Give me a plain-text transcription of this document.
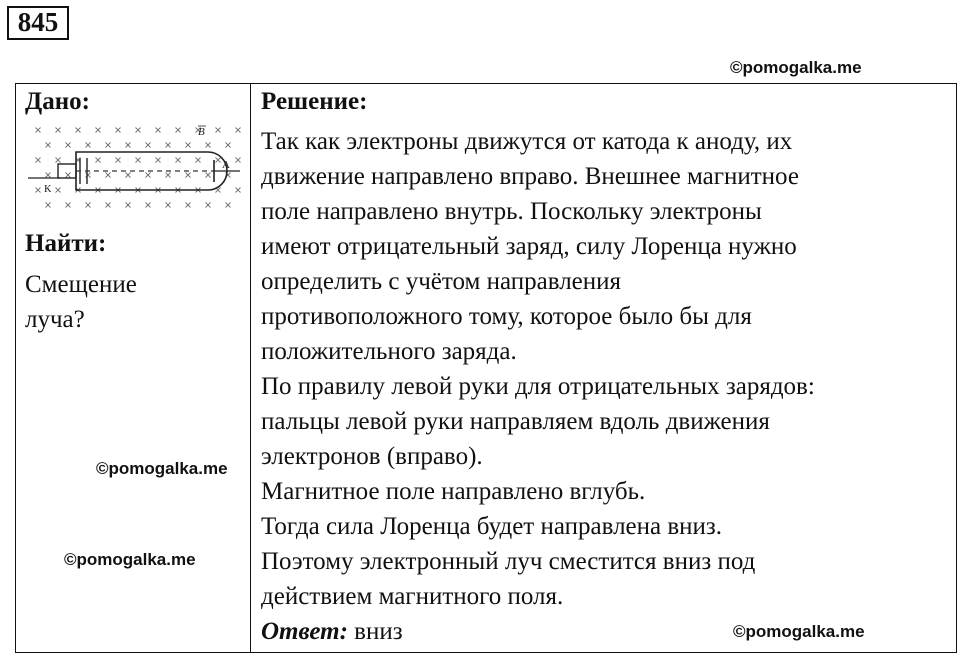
845
©pomogalka.me
Дано:
B
A
К
Найти:
Смещение
луча?
©pomogalka.me
©pomogalka.me
Решение:
Так как электроны движутся от катода к аноду, их
движение направлено вправо. Внешнее магнитное
поле направлено внутрь. Поскольку электроны
имеют отрицательный заряд, силу Лоренца нужно
определить с учётом направления
противоположного тому, которое было бы для
положительного заряда.
По правилу левой руки для отрицательных зарядов:
пальцы левой руки направляем вдоль движения
электронов (вправо).
Магнитное поле направлено вглубь.
Тогда сила Лоренца будет направлена вниз.
Поэтому электронный луч сместится вниз под
действием магнитного поля.
Ответ: вниз	©pomogalka.me
